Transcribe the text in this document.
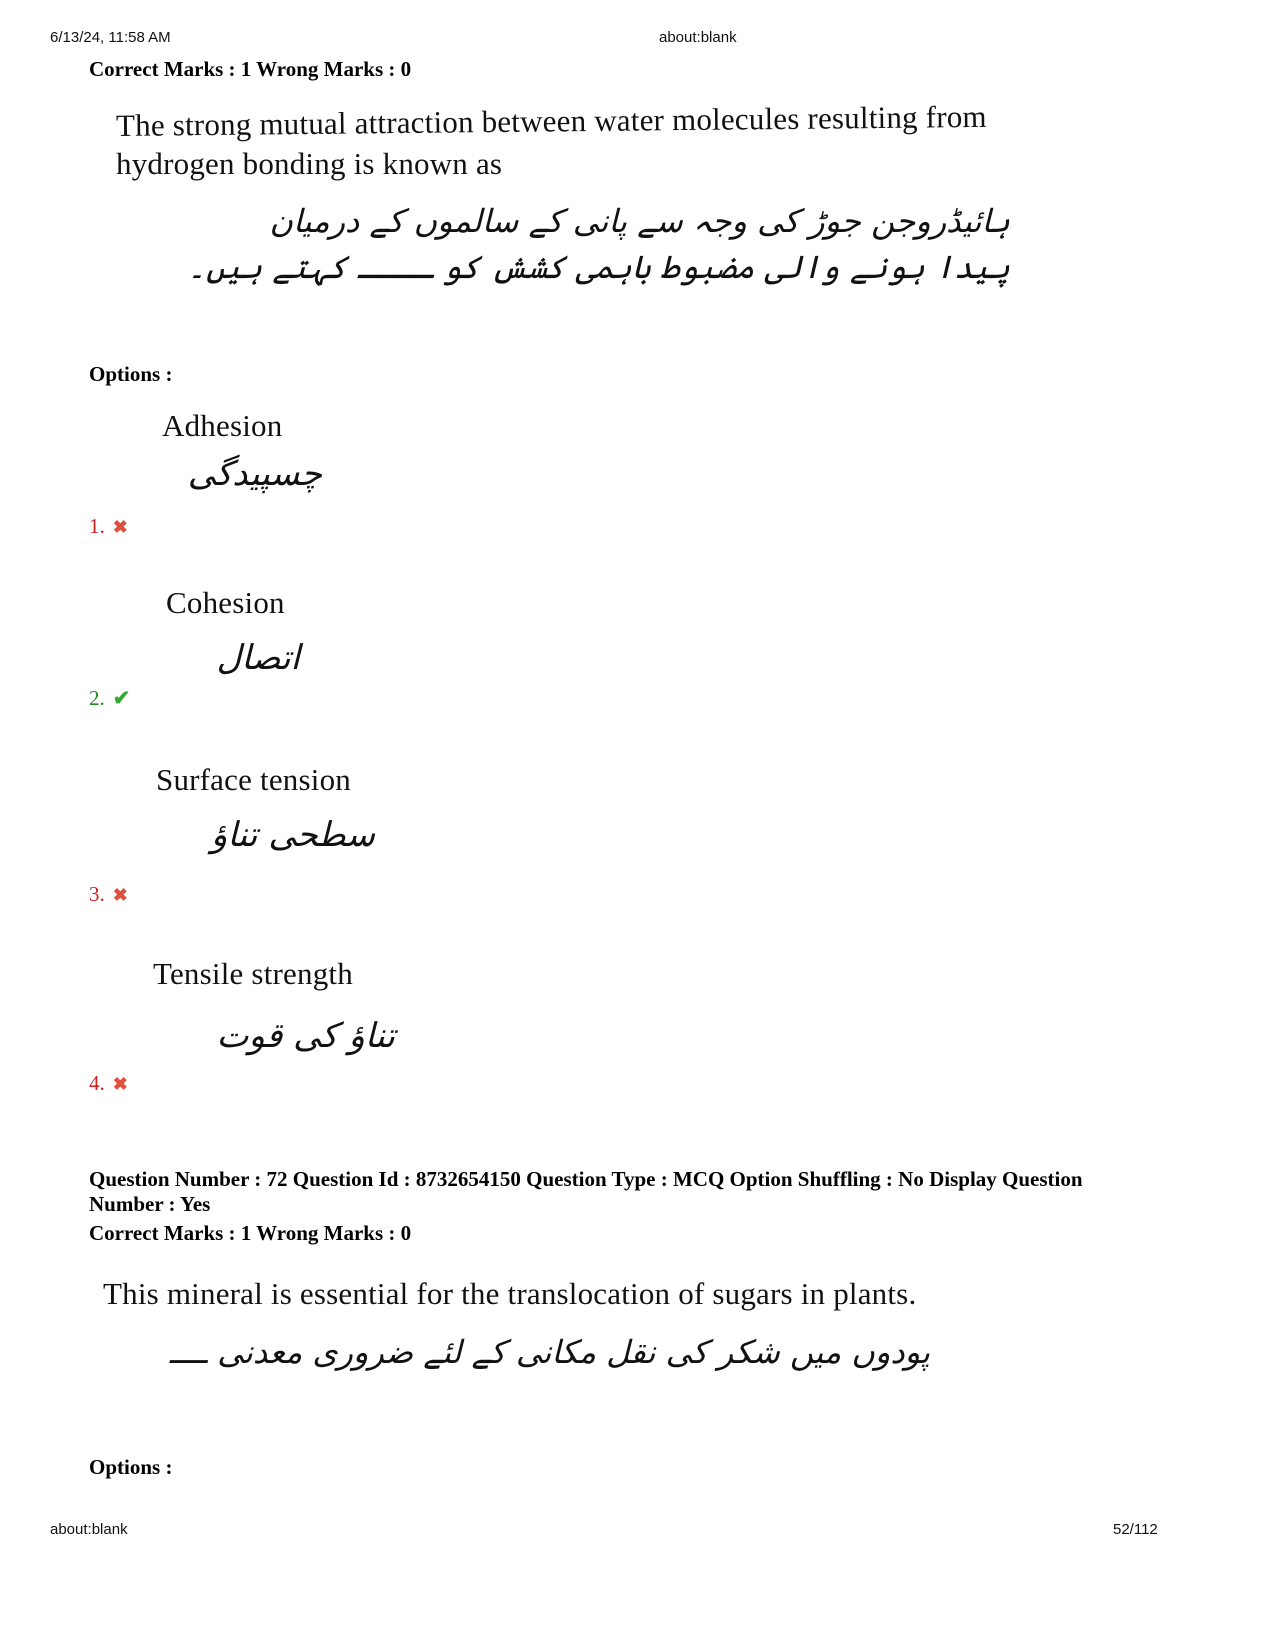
6/13/24, 11:58 AM	about:blank
Correct Marks : 1 Wrong Marks : 0
The strong mutual attraction between water molecules resulting from
hydrogen bonding is known as
ہائیڈروجن جوڑ کی وجہ سے پانی کے سالموں کے درمیان
پیدا ہونے والی مضبوط باہمی کشش کو ــــ کہتے ہیں۔
Options :
Adhesion
چسپیدگی
1. ✖
Cohesion
اتصال
2. ✔
Surface tension
سطحی تناؤ
3. ✖
Tensile strength
تناؤ کی قوت
4. ✖
Question Number : 72 Question Id : 8732654150 Question Type : MCQ Option Shuffling : No Display Question
Number : Yes
Correct Marks : 1 Wrong Marks : 0
This mineral is essential for the translocation of sugars in plants.
پودوں میں شکر کی نقل مکانی کے لئے ضروری معدنی ــــ
Options :
about:blank	52/112
